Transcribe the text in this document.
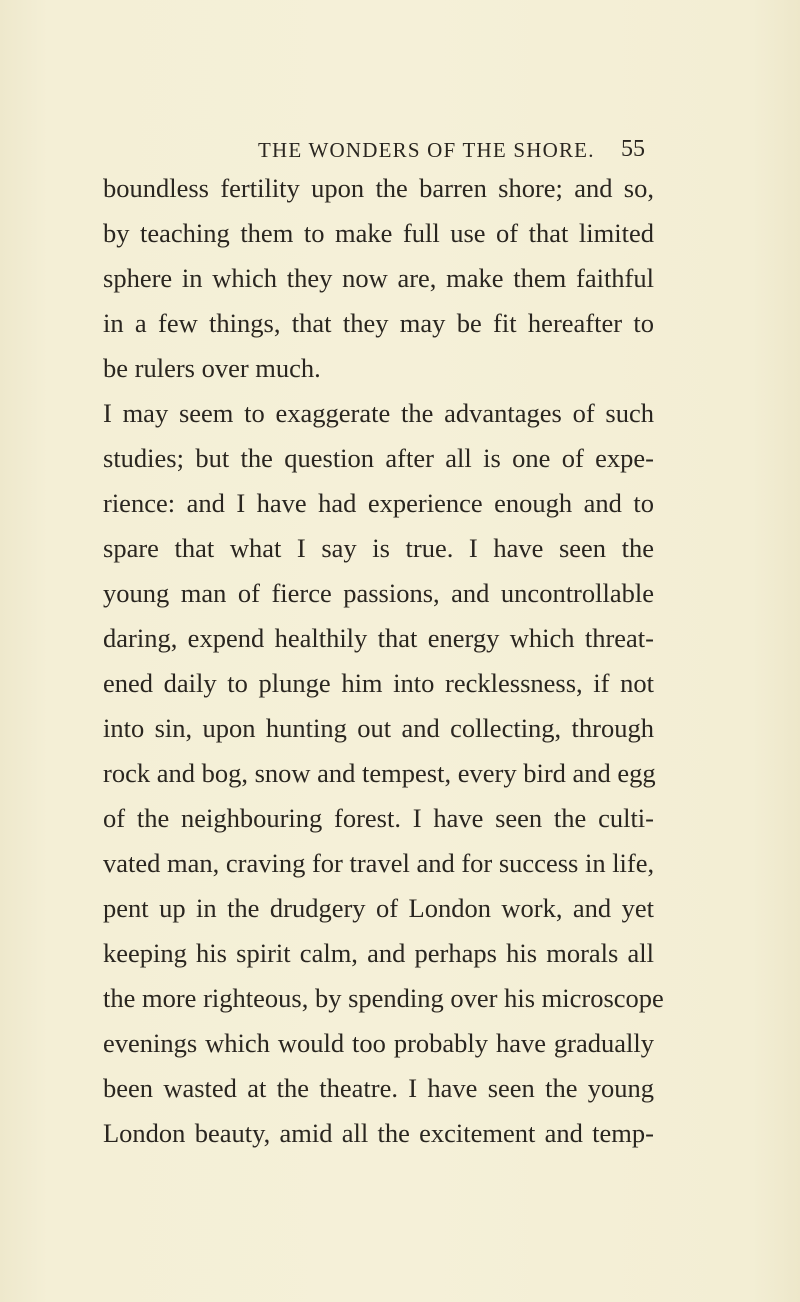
THE WONDERS OF THE SHORE. 55
boundless fertility upon the barren shore; and so,
by teaching them to make full use of that limited
sphere in which they now are, make them faithful
in a few things, that they may be fit hereafter to
be rulers over much.
I may seem to exaggerate the advantages of such
studies; but the question after all is one of expe-
rience: and I have had experience enough and to
spare that what I say is true. I have seen the
young man of fierce passions, and uncontrollable
daring, expend healthily that energy which threat-
ened daily to plunge him into recklessness, if not
into sin, upon hunting out and collecting, through
rock and bog, snow and tempest, every bird and egg
of the neighbouring forest. I have seen the culti-
vated man, craving for travel and for success in life,
pent up in the drudgery of London work, and yet
keeping his spirit calm, and perhaps his morals all
the more righteous, by spending over his microscope
evenings which would too probably have gradually
been wasted at the theatre. I have seen the young
London beauty, amid all the excitement and temp-
